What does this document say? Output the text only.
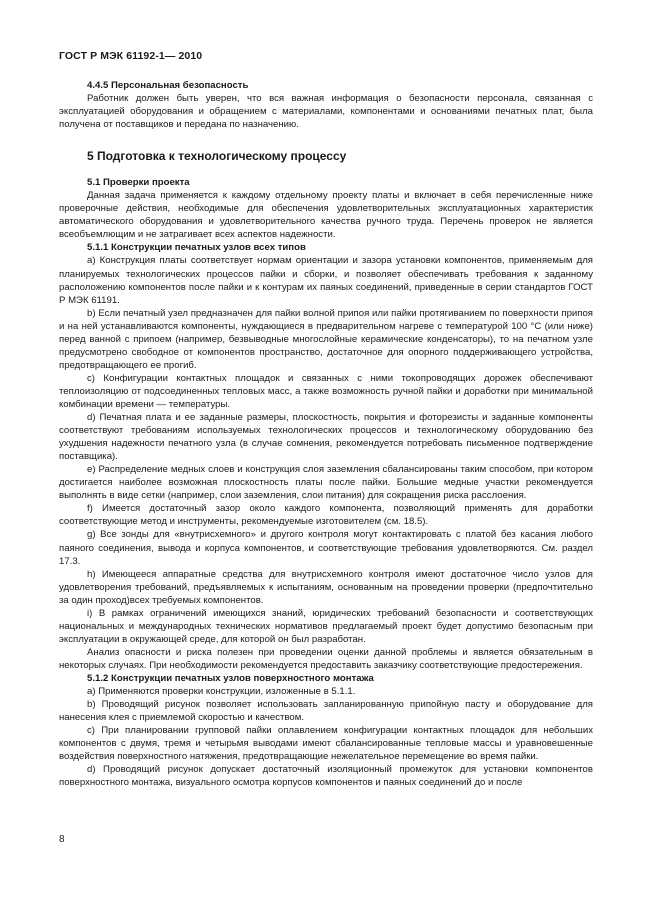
ГОСТ Р МЭК 61192-1— 2010
4.4.5 Персональная безопасность

Работник должен быть уверен, что вся важная информация о безопасности персонала, связанная с эксплуатацией оборудования и обращением с материалами, компонентами и основаниями печатных плат, была получена от поставщиков и передана по назначению.

5 Подготовка к технологическому процессу
5.1 Проверки проекта

Данная задача применяется к каждому отдельному проекту платы и включает в себя перечисленные ниже проверочные действия, необходимые для обеспечения удовлетворительных эксплуатационных характеристик автоматического оборудования и удовлетворительного качества ручного труда. Перечень проверок не является всеобъемлющим и не затрагивает всех аспектов надежности.

5.1.1 Конструкции печатных узлов всех типов

а) Конструкция платы соответствует нормам ориентации и зазора установки компонентов, применяемым для планируемых технологических процессов пайки и сборки, и позволяет обеспечивать требования к заданному расположению компонентов после пайки и к контурам их паяных соединений, приведенные в серии стандартов ГОСТ Р МЭК 61191.

b) Если печатный узел предназначен для пайки волной припоя или пайки протягиванием по поверхности припоя и на ней устанавливаются компоненты, нуждающиеся в предварительном нагреве с температурой 100 °С (или ниже) перед ванной с припоем (например, безвыводные многослойные керамические конденсаторы), то на печатном узле предусмотрено свободное от компонентов пространство, достаточное для опорного поддерживающего устройства, предотвращающего ее прогиб.

с) Конфигурации контактных площадок и связанных с ними токопроводящих дорожек обеспечивают теплоизоляцию от подсоединенных тепловых масс, а также возможность ручной пайки и доработки при минимальной комбинации времени — температуры.

d) Печатная плата и ее заданные размеры, плоскостность, покрытия и фоторезисты и заданные компоненты соответствуют требованиям используемых технологических процессов и технологическому оборудованию без ухудшения надежности печатного узла (в случае сомнения, рекомендуется потребовать письменное подтверждение поставщика).

е) Распределение медных слоев и конструкция слоя заземления сбалансированы таким способом, при котором достигается наиболее возможная плоскостность платы после пайки. Большие медные участки рекомендуется выполнять в виде сетки (например, слои заземления, слои питания) для сокращения риска расслоения.

f) Имеется достаточный зазор около каждого компонента, позволяющий применять для доработки соответствующие метод и инструменты, рекомендуемые изготовителем (см. 18.5).

g) Все зонды для «внутрисхемного» и другого контроля могут контактировать с платой без касания любого паяного соединения, вывода и корпуса компонентов, и соответствующие требования удовлетворяются. См. раздел 17.3.

h) Имеющееся аппаратные средства для внутрисхемного контроля имеют достаточное число узлов для удовлетворения требований, предъявляемых к испытаниям, основанным на проведении проверки (предпочтительно за один проход)всех требуемых компонентов.

i) В рамках ограничений имеющихся знаний, юридических требований безопасности и соответствующих национальных и международных технических нормативов предлагаемый проект будет допустимо безопасным при эксплуатации в окружающей среде, для которой он был разработан.

Анализ опасности и риска полезен при проведении оценки данной проблемы и является обязательным в некоторых случаях. При необходимости рекомендуется предоставить заказчику соответствующие предостережения.

5.1.2 Конструкции печатных узлов поверхностного монтажа

а) Применяются проверки конструкции, изложенные в 5.1.1.

b) Проводящий рисунок позволяет использовать запланированную припойную пасту и оборудование для нанесения клея с приемлемой скоростью и качеством.

с) При планировании групповой пайки оплавлением конфигурации контактных площадок для небольших компонентов с двумя, тремя и четырьмя выводами имеют сбалансированные тепловые массы и уравновешенные воздействия поверхностного натяжения, предотвращающие нежелательное перемещение во время пайки.

d) Проводящий рисунок допускает достаточный изоляционный промежуток для установки компонентов поверхностного монтажа, визуального осмотра корпусов компонентов и паяных соединений до и после

8
